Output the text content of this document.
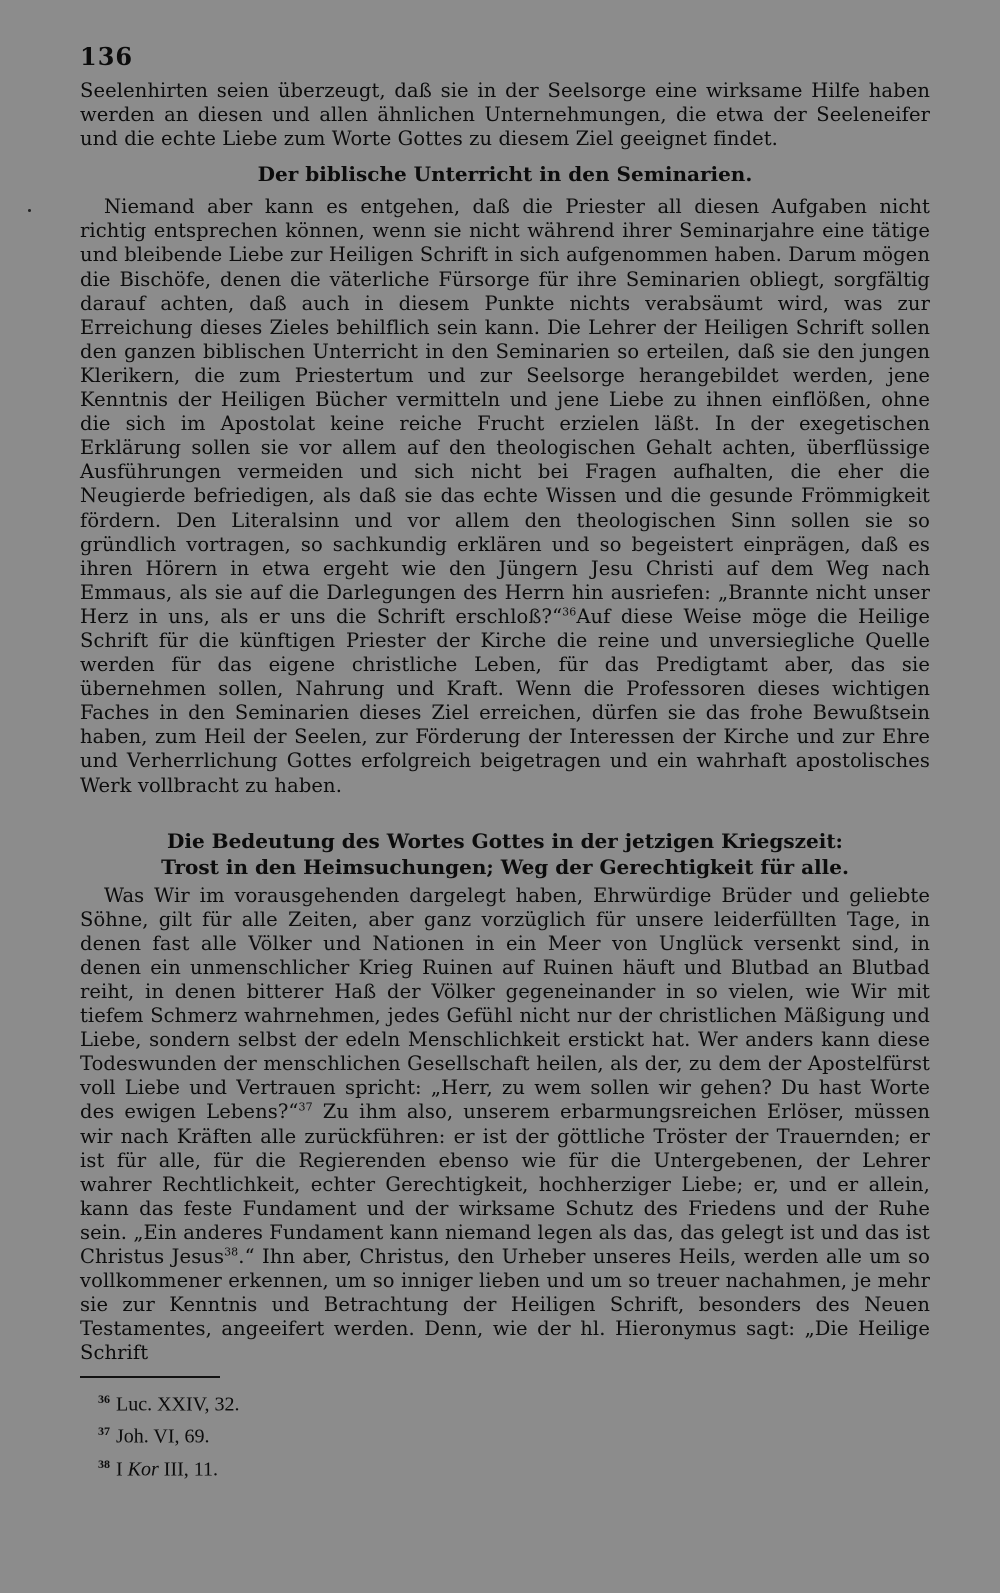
136

Seelenhirten seien überzeugt, daß sie in der Seelsorge eine wirksame Hilfe haben werden an diesen und allen ähnlichen Unternehmungen, die etwa der Seeleneifer und die echte Liebe zum Worte Gottes zu diesem Ziel geeignet findet.

Der biblische Unterricht in den Seminarien.

Niemand aber kann es entgehen, daß die Priester all diesen Aufgaben nicht richtig entsprechen können, wenn sie nicht während ihrer Seminarjahre eine tätige und bleibende Liebe zur Heiligen Schrift in sich aufgenommen haben. Darum mögen die Bischöfe, denen die väterliche Fürsorge für ihre Seminarien obliegt, sorgfältig darauf achten, daß auch in diesem Punkte nichts verabsäumt wird, was zur Erreichung dieses Zieles behilflich sein kann. Die Lehrer der Heiligen Schrift sollen den ganzen biblischen Unterricht in den Seminarien so erteilen, daß sie den jungen Klerikern, die zum Priestertum und zur Seelsorge herangebildet werden, jene Kenntnis der Heiligen Bücher vermitteln und jene Liebe zu ihnen einflößen, ohne die sich im Apostolat keine reiche Frucht erzielen läßt. In der exegetischen Erklärung sollen sie vor allem auf den theologischen Gehalt achten, überflüssige Ausführungen vermeiden und sich nicht bei Fragen aufhalten, die eher die Neugierde befriedigen, als daß sie das echte Wissen und die gesunde Frömmigkeit fördern. Den Literalsinn und vor allem den theologischen Sinn sollen sie so gründlich vortragen, so sachkundig erklären und so begeistert einprägen, daß es ihren Hörern in etwa ergeht wie den Jüngern Jesu Christi auf dem Weg nach Emmaus, als sie auf die Darlegungen des Herrn hin ausriefen: „Brannte nicht unser Herz in uns, als er uns die Schrift erschloß?“$^{36}$Auf diese Weise möge die Heilige Schrift für die künftigen Priester der Kirche die reine und unversiegliche Quelle werden für das eigene christliche Leben, für das Predigtamt aber, das sie übernehmen sollen, Nahrung und Kraft. Wenn die Professoren dieses wichtigen Faches in den Seminarien dieses Ziel erreichen, dürfen sie das frohe Bewußtsein haben, zum Heil der Seelen, zur Förderung der Interessen der Kirche und zur Ehre und Verherrlichung Gottes erfolgreich beigetragen und ein wahrhaft apostolisches Werk vollbracht zu haben.

Die Bedeutung des Wortes Gottes in der jetzigen Kriegszeit:
Trost in den Heimsuchungen; Weg der Gerechtigkeit für alle.

Was Wir im vorausgehenden dargelegt haben, Ehrwürdige Brüder und geliebte Söhne, gilt für alle Zeiten, aber ganz vorzüglich für unsere leiderfüllten Tage, in denen fast alle Völker und Nationen in ein Meer von Unglück versenkt sind, in denen ein unmenschlicher Krieg Ruinen auf Ruinen häuft und Blutbad an Blutbad reiht, in denen bitterer Haß der Völker gegeneinander in so vielen, wie Wir mit tiefem Schmerz wahrnehmen, jedes Gefühl nicht nur der christlichen Mäßigung und Liebe, sondern selbst der edeln Menschlichkeit erstickt hat. Wer anders kann diese Todeswunden der menschlichen Gesellschaft heilen, als der, zu dem der Apostelfürst voll Liebe und Vertrauen spricht: „Herr, zu wem sollen wir gehen? Du hast Worte des ewigen Lebens?“$^{37}$ Zu ihm also, unserem erbarmungsreichen Erlöser, müssen wir nach Kräften alle zurückführen: er ist der göttliche Tröster der Trauernden; er ist für alle, für die Regierenden ebenso wie für die Untergebenen, der Lehrer wahrer Rechtlichkeit, echter Gerechtigkeit, hochherziger Liebe; er, und er allein, kann das feste Fundament und der wirksame Schutz des Friedens und der Ruhe sein. „Ein anderes Fundament kann niemand legen als das, das gelegt ist und das ist Christus Jesus$^{38}$.“ Ihn aber, Christus, den Urheber unseres Heils, werden alle um so vollkommener erkennen, um so inniger lieben und um so treuer nachahmen, je mehr sie zur Kenntnis und Betrachtung der Heiligen Schrift, besonders des Neuen Testamentes, angeeifert werden. Denn, wie der hl. Hieronymus sagt: „Die Heilige Schrift

$^{36}$ Luc. XXIV, 32.
$^{37}$ Joh. VI, 69.
$^{38}$ I Kor III, 11.
